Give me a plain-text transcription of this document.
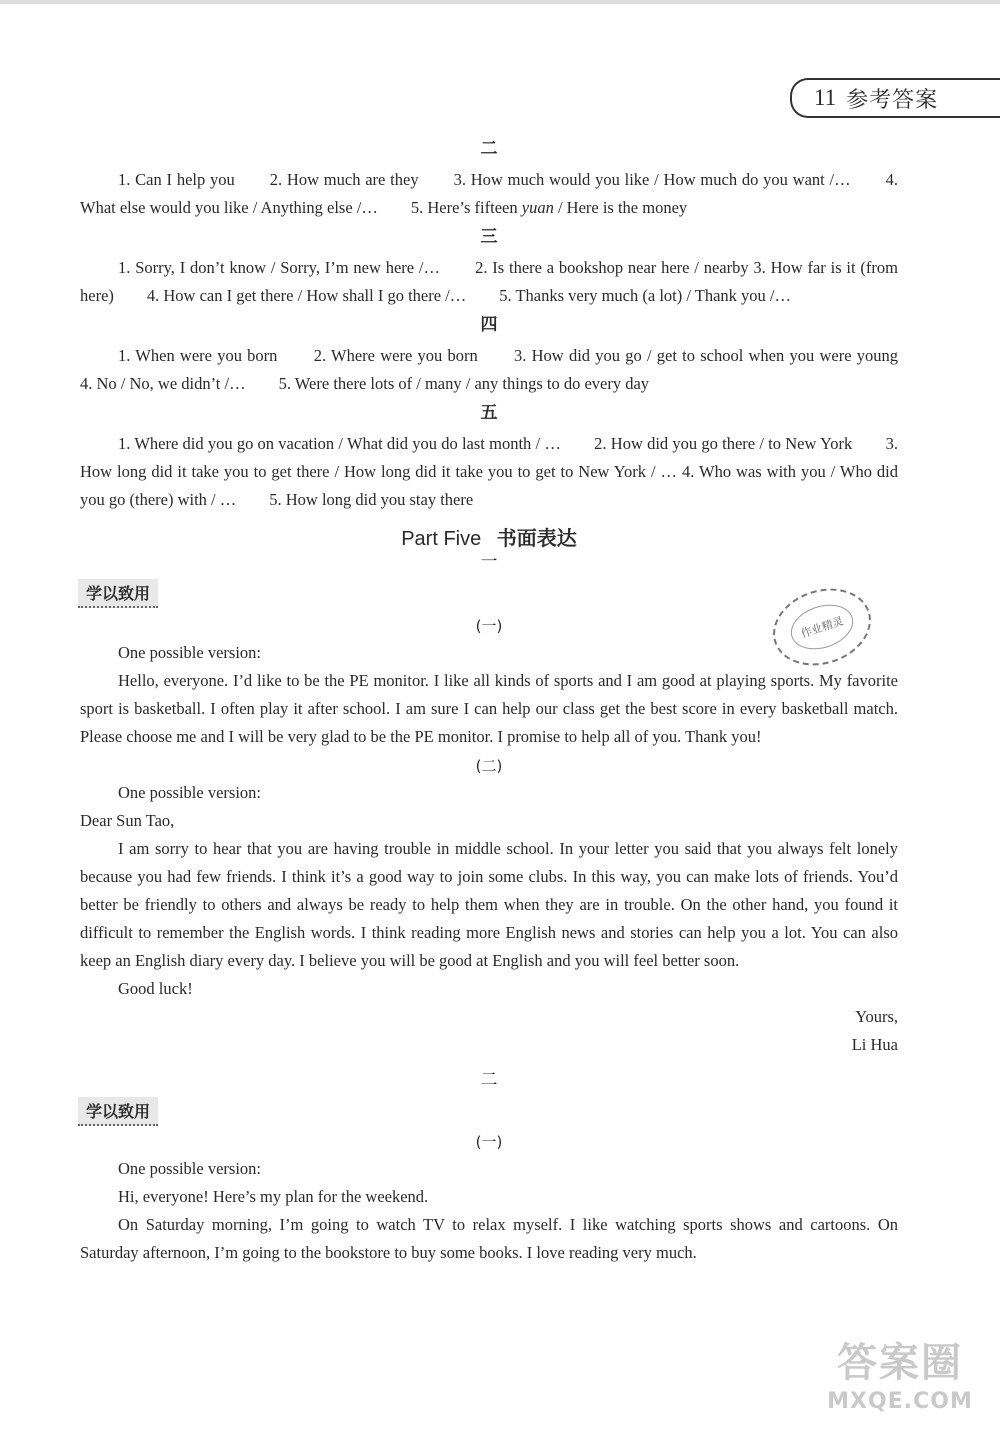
11 参考答案
二

1. Can I help you　　2. How much are they　　3. How much would you like / How much do you want /…　　4. What else would you like / Anything else /…　　5. Here’s fifteen yuan / Here is the money

三

1. Sorry, I don’t know / Sorry, I’m new here /…　　2. Is there a bookshop near here / nearby 3. How far is it (from here)　　4. How can I get there / How shall I go there /…　　5. Thanks very much (a lot) / Thank you /…

四

1. When were you born　　2. Where were you born　　3. How did you go / get to school when you were young　　4. No / No, we didn’t /…　　5. Were there lots of / many / any things to do every day

五

1. Where did you go on vacation / What did you do last month / …　　2. How did you go there / to New York　　3. How long did it take you to get there / How long did it take you to get to New York / … 4. Who was with you / Who did you go (there) with / …　　5. How long did you stay there

Part Five 书面表达
一
学以致用
(一)

One possible version:

Hello, everyone. I’d like to be the PE monitor. I like all kinds of sports and I am good at playing sports. My favorite sport is basketball. I often play it after school. I am sure I can help our class get the best score in every basketball match. Please choose me and I will be very glad to be the PE monitor. I promise to help all of you. Thank you!

(二)

One possible version:

Dear Sun Tao,

I am sorry to hear that you are having trouble in middle school. In your letter you said that you always felt lonely because you had few friends. I think it’s a good way to join some clubs. In this way, you can make lots of friends. You’d better be friendly to others and always be ready to help them when they are in trouble. On the other hand, you found it difficult to remember the English words. I think reading more English news and stories can help you a lot. You can also keep an English diary every day. I believe you will be good at English and you will feel better soon.

Good luck!

Yours,
Li Hua
二
学以致用
(一)

One possible version:

Hi, everyone! Here’s my plan for the weekend.

On Saturday morning, I’m going to watch TV to relax myself. I like watching sports shows and cartoons. On Saturday afternoon, I’m going to the bookstore to buy some books. I love reading very much.

作业精灵
答案圈
MXQE.COM
